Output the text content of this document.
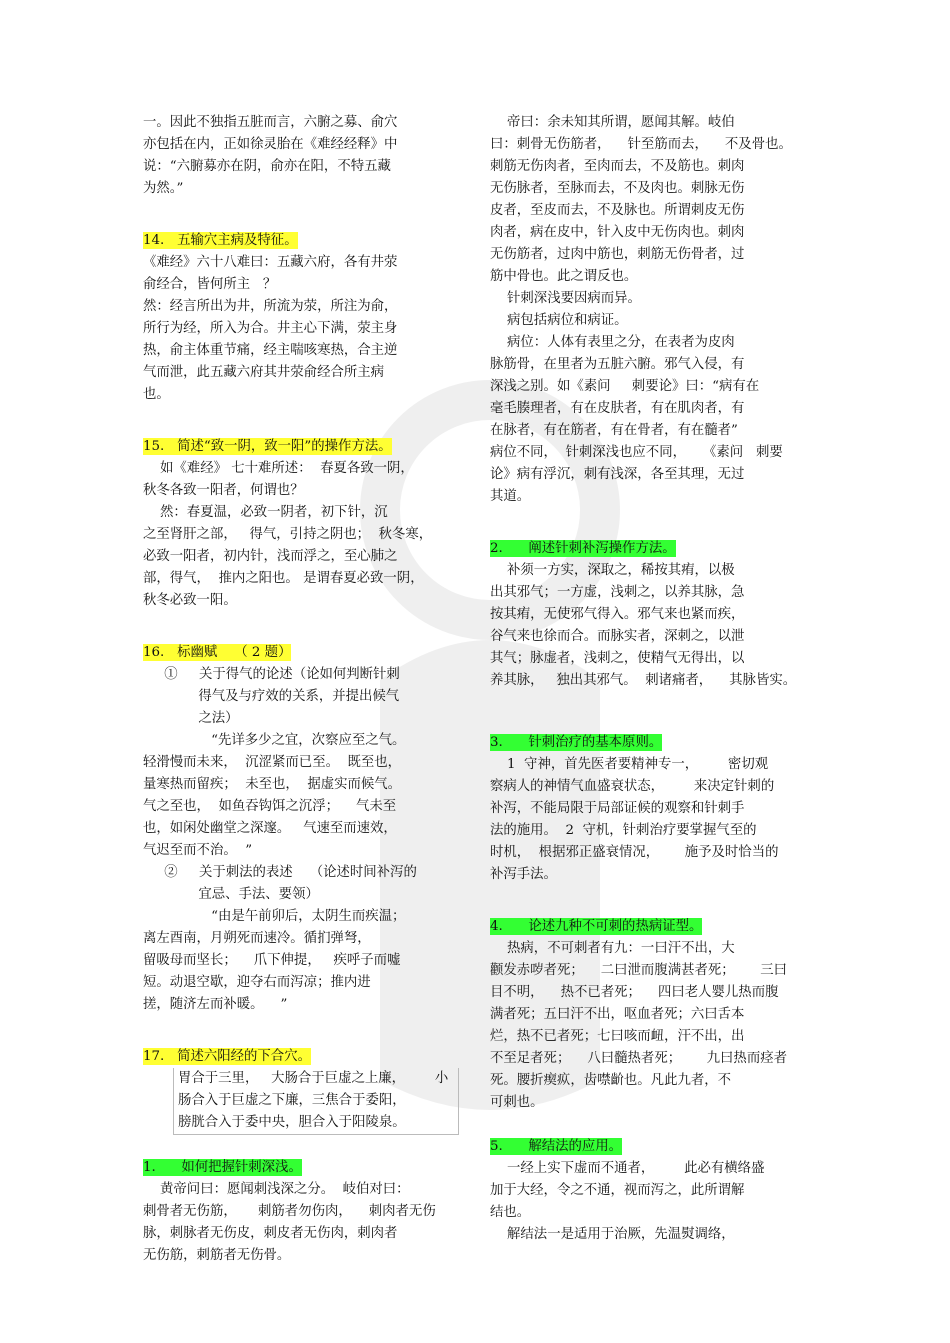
一。因此不独指五脏而言，六腑之募、俞穴
亦包括在内，正如徐灵胎在《难经经释》中
说：“六腑募亦在阴，俞亦在阳，不特五藏
为然。”

14.   五输穴主病及特征。

《难经》六十八难曰：五藏六府，各有井荥
俞经合，皆何所主   ？
然：经言所出为井，所流为荥，所注为俞，
所行为经，所入为合。井主心下满，荥主身
热，俞主体重节痛，经主喘咳寒热，合主逆
气而泄，此五藏六府其井荥俞经合所主病
也。

15.   简述“致一阴，致一阳”的操作方法。

如《难经》 七十难所述：  春夏各致一阴，
秋冬各致一阳者，何谓也？
然：春夏温，必致一阴者，初下针，沉
之至肾肝之部，   得气，引持之阴也；  秋冬寒，
必致一阳者，初内针，浅而浮之，至心肺之
部，得气，  推内之阳也。 是谓春夏必致一阴，
秋冬必致一阳。

16.   标幽赋    （ 2 题）

①     关于得气的论述（论如何判断针刺
得气及与疗效的关系，并提出候气
之法）
“先详多少之宜，次察应至之气。
轻滑慢而未来，  沉涩紧而已至。  既至也，
量寒热而留疾；  未至也，  据虚实而候气。
气之至也，  如鱼吞钩饵之沉浮；    气未至
也，如闲处幽堂之深邃。   气速至而速效，
气迟至而不治。  ”

②     关于刺法的表述    （论述时间补泻的
宜忌、手法、要领）
“由是午前卯后，太阴生而疾温；
离左酉南，月朔死而速冷。循扪弹弩，
留吸母而坚长；    爪下伸提，   疾呼子而嘘
短。动退空歇，迎夺右而泻凉；推内进
搓，随济左而补暖。    ”

17.   简述六阳经的下合穴。

胃合于三里，   大肠合于巨虚之上廉，       小
肠合入于巨虚之下廉，三焦合于委阳，
膀胱合入于委中央，胆合入于阳陵泉。

1.      如何把握针刺深浅。

黄帝问曰：愿闻刺浅深之分。  岐伯对曰：
刺骨者无伤筋，     刺筋者勿伤肉，    刺肉者无伤
脉，刺脉者无伤皮，刺皮者无伤肉，刺肉者
无伤筋，刺筋者无伤骨。

帝曰：余未知其所谓，愿闻其解。岐伯
曰：刺骨无伤筋者，    针至筋而去，    不及骨也。
刺筋无伤肉者，至肉而去，不及筋也。刺肉
无伤脉者，至脉而去，不及肉也。刺脉无伤
皮者，至皮而去，不及脉也。所谓刺皮无伤
肉者，病在皮中，针入皮中无伤肉也。刺肉
无伤筋者，过肉中筋也，刺筋无伤骨者，过
筋中骨也。此之谓反也。
针刺深浅要因病而异。
病包括病位和病证。
病位：人体有表里之分，在表者为皮肉
脉筋骨，在里者为五脏六腑。邪气入侵，有
深浅之别。如《素问     刺要论》曰：“病有在
毫毛腠理者，有在皮肤者，有在肌肉者，有
在脉者，有在筋者，有在骨者，有在髓者”
病位不同，  针刺深浅也应不同，    《素问   刺要
论》病有浮沉，刺有浅深，各至其理，无过
其道。

2.      阐述针刺补泻操作方法。

补须一方实，深取之，稀按其痏，以极
出其邪气；一方虚，浅刺之，以养其脉，急
按其痏，无使邪气得入。邪气来也紧而疾，
谷气来也徐而合。而脉实者，深刺之，以泄
其气；脉虚者，浅刺之，使精气无得出，以
养其脉，   独出其邪气。  刺诸痛者，    其脉皆实。

3.      针刺治疗的基本原则。

1  守神，首先医者要精神专一，       密切观
察病人的神情气血盛衰状态，       来决定针刺的
补泻，不能局限于局部证候的观察和针刺手
法的施用。  2  守机，针刺治疗要掌握气至的
时机，  根据邪正盛衰情况，      施予及时恰当的
补泻手法。

4.      论述九种不可刺的热病证型。

热病，不可刺者有九：一曰汗不出，大
颧发赤哕者死；    二曰泄而腹满甚者死；      三曰
目不明，    热不已者死；    四曰老人婴儿热而腹
满者死；五曰汗不出，呕血者死；六曰舌本
烂，热不已者死；七曰咳而衄，汗不出，出
不至足者死；    八曰髓热者死；      九曰热而痉者
死。腰折瘈疭，齿噤齘也。凡此九者，不
可刺也。

5.      解结法的应用。

一经上实下虚而不通者，       此必有横络盛
加于大经，令之不通，视而泻之，此所谓解
结也。
解结法一是适用于治厥，先温熨调络，
